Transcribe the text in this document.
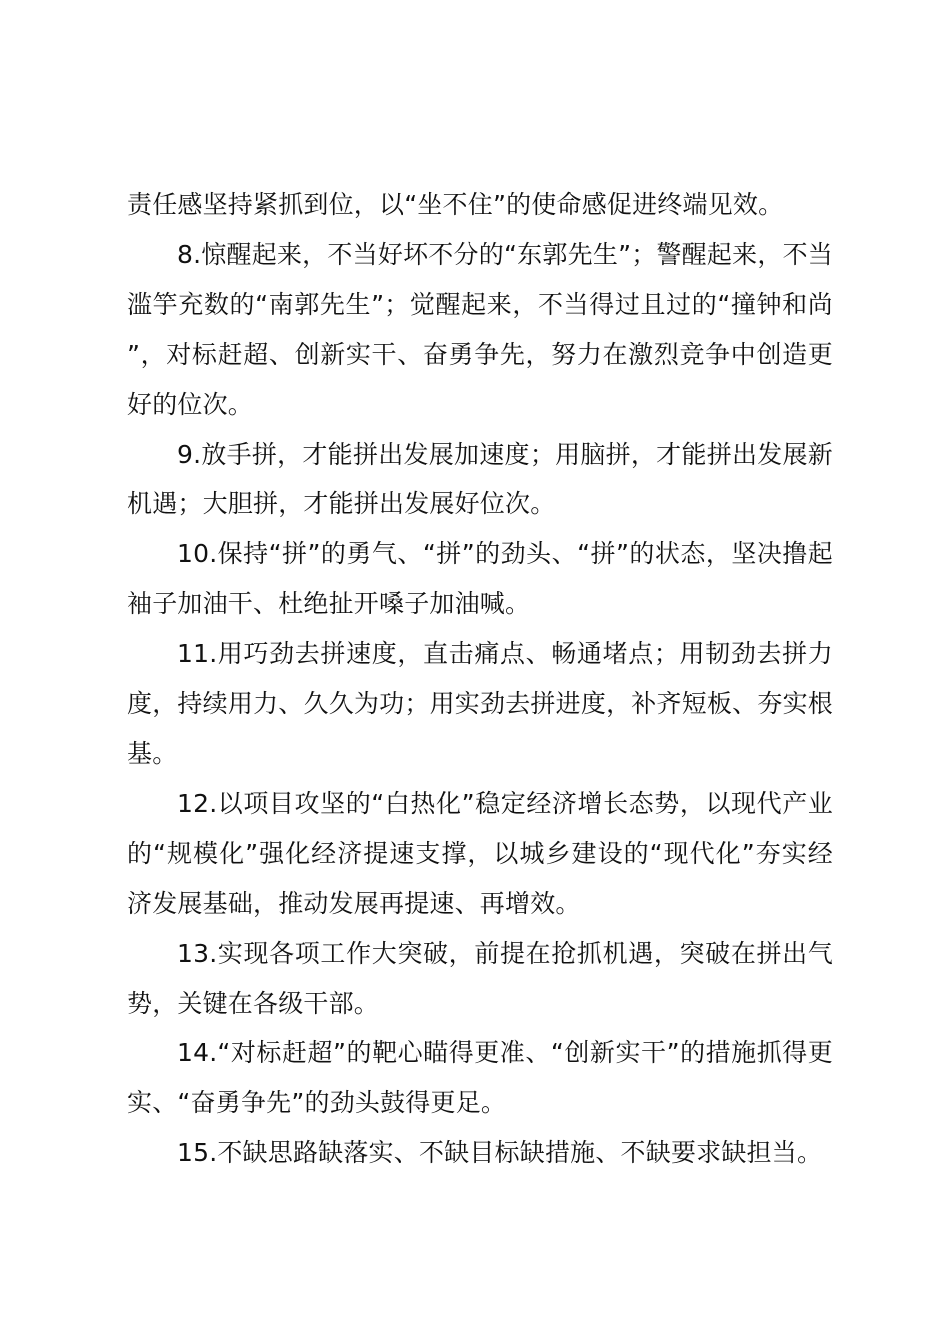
责任感坚持紧抓到位，以“坐不住”的使命感促进终端见效。

8.惊醒起来，不当好坏不分的“东郭先生”；警醒起来，不当滥竽充数的“南郭先生”；觉醒起来，不当得过且过的“撞钟和尚”，对标赶超、创新实干、奋勇争先，努力在激烈竞争中创造更好的位次。

9.放手拼，才能拼出发展加速度；用脑拼，才能拼出发展新机遇；大胆拼，才能拼出发展好位次。

10.保持“拼”的勇气、“拼”的劲头、“拼”的状态，坚决撸起袖子加油干、杜绝扯开嗓子加油喊。

11.用巧劲去拼速度，直击痛点、畅通堵点；用韧劲去拼力度，持续用力、久久为功；用实劲去拼进度，补齐短板、夯实根基。

12.以项目攻坚的“白热化”稳定经济增长态势，以现代产业的“规模化”强化经济提速支撑，以城乡建设的“现代化”夯实经济发展基础，推动发展再提速、再增效。

13.实现各项工作大突破，前提在抢抓机遇，突破在拼出气势，关键在各级干部。

14.“对标赶超”的靶心瞄得更准、“创新实干”的措施抓得更实、“奋勇争先”的劲头鼓得更足。

15.不缺思路缺落实、不缺目标缺措施、不缺要求缺担当。
